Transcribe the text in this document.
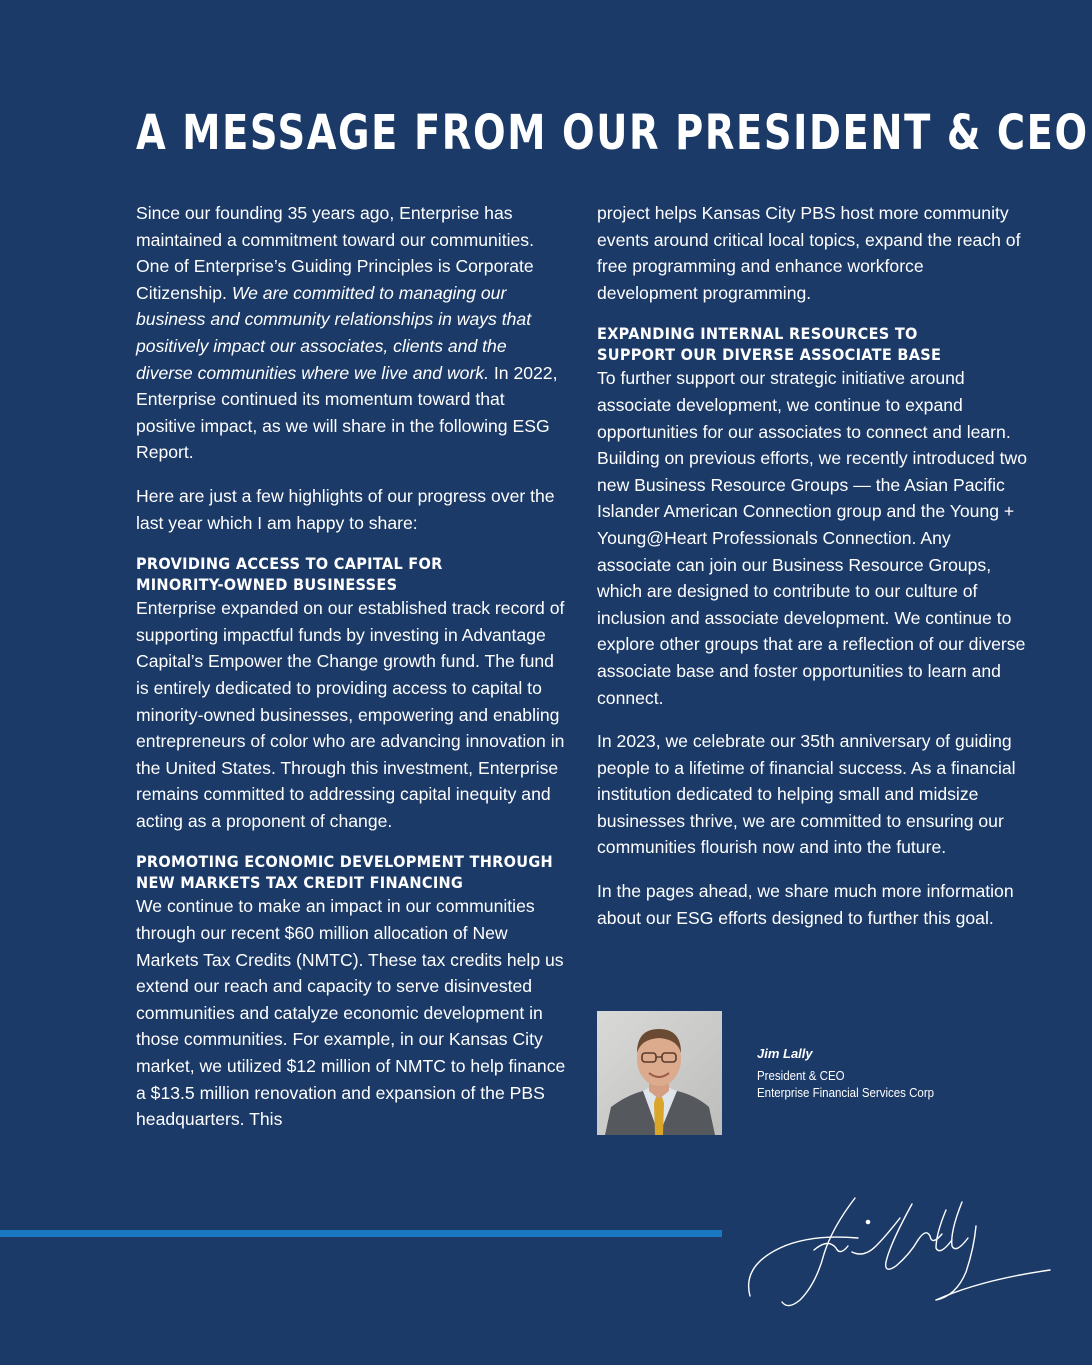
A MESSAGE FROM OUR PRESIDENT & CEO

Since our founding 35 years ago, Enterprise has maintained a commitment toward our communities. One of Enterprise’s Guiding Principles is Corporate Citizenship. We are committed to managing our business and community relationships in ways that positively impact our associates, clients and the diverse communities where we live and work. In 2022, Enterprise continued its momentum toward that positive impact, as we will share in the following ESG Report.

Here are just a few highlights of our progress over the last year which I am happy to share:

PROVIDING ACCESS TO CAPITAL FOR
MINORITY-OWNED BUSINESSES

Enterprise expanded on our established track record of supporting impactful funds by investing in Advantage Capital’s Empower the Change growth fund. The fund is entirely dedicated to providing access to capital to minority-owned businesses, empowering and enabling entrepreneurs of color who are advancing innovation in the United States. Through this investment, Enterprise remains committed to addressing capital inequity and acting as a proponent of change.

PROMOTING ECONOMIC DEVELOPMENT THROUGH
NEW MARKETS TAX CREDIT FINANCING

We continue to make an impact in our communities through our recent $60 million allocation of New Markets Tax Credits (NMTC). These tax credits help us extend our reach and capacity to serve disinvested communities and catalyze economic development in those communities. For example, in our Kansas City market, we utilized $12 million of NMTC to help finance a $13.5 million renovation and expansion of the PBS headquarters. This

project helps Kansas City PBS host more community events around critical local topics, expand the reach of free programming and enhance workforce development programming.

EXPANDING INTERNAL RESOURCES TO
SUPPORT OUR DIVERSE ASSOCIATE BASE

To further support our strategic initiative around associate development, we continue to expand opportunities for our associates to connect and learn. Building on previous efforts, we recently introduced two new Business Resource Groups — the Asian Pacific Islander American Connection group and the Young + Young@Heart Professionals Connection. Any associate can join our Business Resource Groups, which are designed to contribute to our culture of inclusion and associate development. We continue to explore other groups that are a reflection of our diverse associate base and foster opportunities to learn and connect.

In 2023, we celebrate our 35th anniversary of guiding people to a lifetime of financial success. As a financial institution dedicated to helping small and midsize businesses thrive, we are committed to ensuring our communities flourish now and into the future.

In the pages ahead, we share much more information about our ESG efforts designed to further this goal.

Jim Lally
President & CEO
Enterprise Financial Services Corp
